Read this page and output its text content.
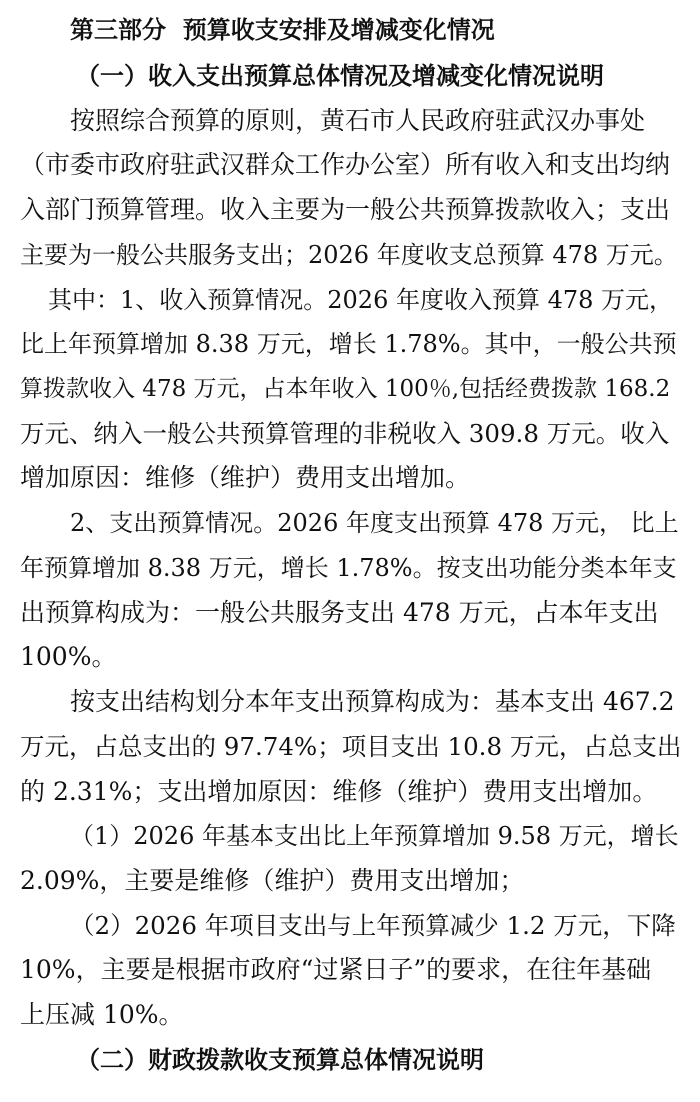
第三部分  预算收支安排及增减变化情况
（一）收入支出预算总体情况及增减变化情况说明
按照综合预算的原则，黄石市人民政府驻武汉办事处
（市委市政府驻武汉群众工作办公室）所有收入和支出均纳
入部门预算管理。收入主要为一般公共预算拨款收入；支出
主要为一般公共服务支出；2026 年度收支总预算 478 万元。
其中：1、收入预算情况。2026 年度收入预算 478 万元，
比上年预算增加 8.38 万元，增长 1.78%。其中，一般公共预
算拨款收入 478 万元，占本年收入 100％,包括经费拨款 168.2
万元、纳入一般公共预算管理的非税收入 309.8 万元。收入
增加原因：维修（维护）费用支出增加。
2、支出预算情况。2026 年度支出预算 478 万元， 比上
年预算增加 8.38 万元，增长 1.78%。按支出功能分类本年支
出预算构成为：一般公共服务支出 478 万元，占本年支出
100%。
按支出结构划分本年支出预算构成为：基本支出 467.2
万元，占总支出的 97.74%；项目支出 10.8 万元，占总支出
的 2.31%；支出增加原因：维修（维护）费用支出增加。
（1）2026 年基本支出比上年预算增加 9.58 万元，增长
2.09%，主要是维修（维护）费用支出增加；
（2）2026 年项目支出与上年预算减少 1.2 万元，下降
10%，主要是根据市政府“过紧日子”的要求，在往年基础
上压减 10%。
（二）财政拨款收支预算总体情况说明
